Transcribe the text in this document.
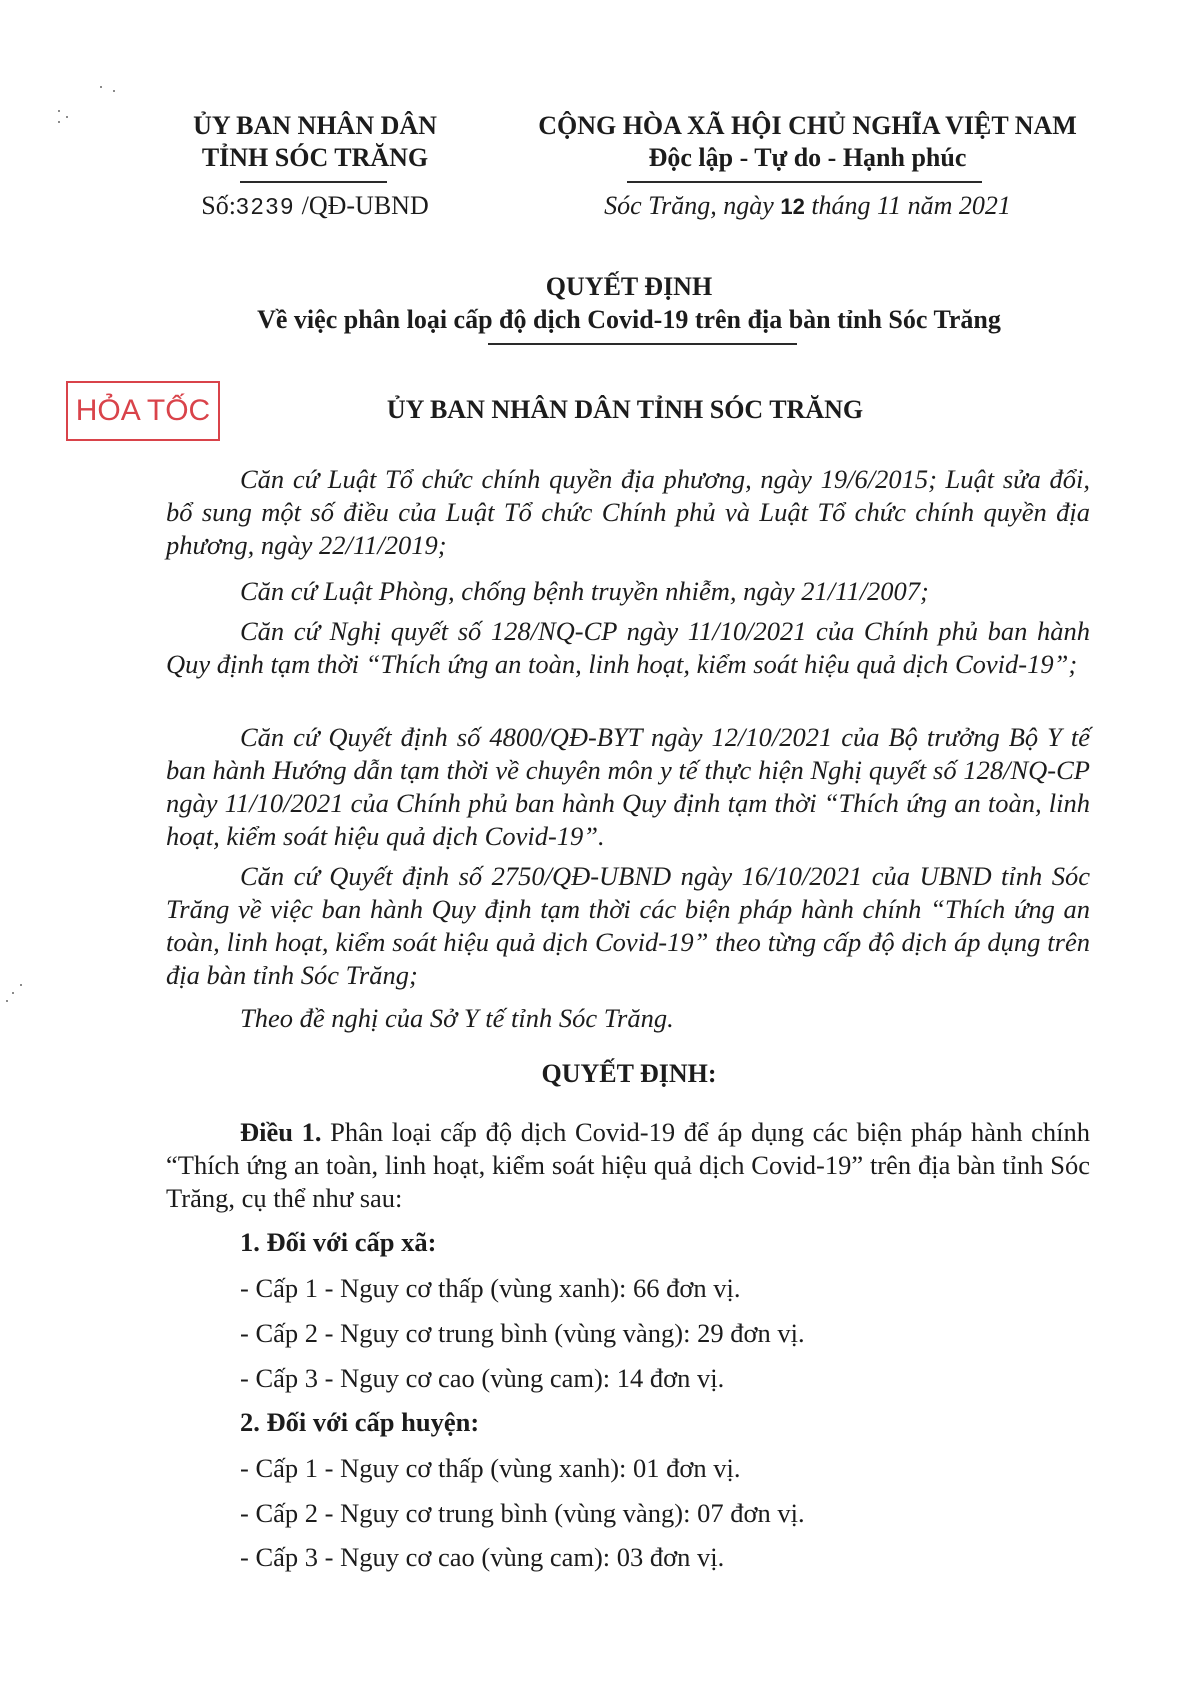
ỦY BAN NHÂN DÂN
TỈNH SÓC TRĂNG
Số:3239 /QĐ-UBND
CỘNG HÒA XÃ HỘI CHỦ NGHĨA VIỆT NAM
Độc lập - Tự do - Hạnh phúc
Sóc Trăng, ngày 12 tháng 11 năm 2021
QUYẾT ĐỊNH
Về việc phân loại cấp độ dịch Covid-19 trên địa bàn tỉnh Sóc Trăng
HỎA TỐC	ỦY BAN NHÂN DÂN TỈNH SÓC TRĂNG

Căn cứ Luật Tổ chức chính quyền địa phương, ngày 19/6/2015; Luật sửa đổi, bổ sung một số điều của Luật Tổ chức Chính phủ và Luật Tổ chức chính quyền địa phương, ngày 22/11/2019;

Căn cứ Luật Phòng, chống bệnh truyền nhiễm, ngày 21/11/2007;

Căn cứ Nghị quyết số 128/NQ-CP ngày 11/10/2021 của Chính phủ ban hành Quy định tạm thời “Thích ứng an toàn, linh hoạt, kiểm soát hiệu quả dịch Covid-19”;

Căn cứ Quyết định số 4800/QĐ-BYT ngày 12/10/2021 của Bộ trưởng Bộ Y tế ban hành Hướng dẫn tạm thời về chuyên môn y tế thực hiện Nghị quyết số 128/NQ-CP ngày 11/10/2021 của Chính phủ ban hành Quy định tạm thời “Thích ứng an toàn, linh hoạt, kiểm soát hiệu quả dịch Covid-19”.

Căn cứ Quyết định số 2750/QĐ-UBND ngày 16/10/2021 của UBND tỉnh Sóc Trăng về việc ban hành Quy định tạm thời các biện pháp hành chính “Thích ứng an toàn, linh hoạt, kiểm soát hiệu quả dịch Covid-19” theo từng cấp độ dịch áp dụng trên địa bàn tỉnh Sóc Trăng;

Theo đề nghị của Sở Y tế tỉnh Sóc Trăng.

QUYẾT ĐỊNH:

Điều 1. Phân loại cấp độ dịch Covid-19 để áp dụng các biện pháp hành chính “Thích ứng an toàn, linh hoạt, kiểm soát hiệu quả dịch Covid-19” trên địa bàn tỉnh Sóc Trăng, cụ thể như sau:

1. Đối với cấp xã:
- Cấp 1 - Nguy cơ thấp (vùng xanh): 66 đơn vị.
- Cấp 2 - Nguy cơ trung bình (vùng vàng): 29 đơn vị.
- Cấp 3 - Nguy cơ cao (vùng cam): 14 đơn vị.
2. Đối với cấp huyện:
- Cấp 1 - Nguy cơ thấp (vùng xanh): 01 đơn vị.
- Cấp 2 - Nguy cơ trung bình (vùng vàng): 07 đơn vị.
- Cấp 3 - Nguy cơ cao (vùng cam): 03 đơn vị.
